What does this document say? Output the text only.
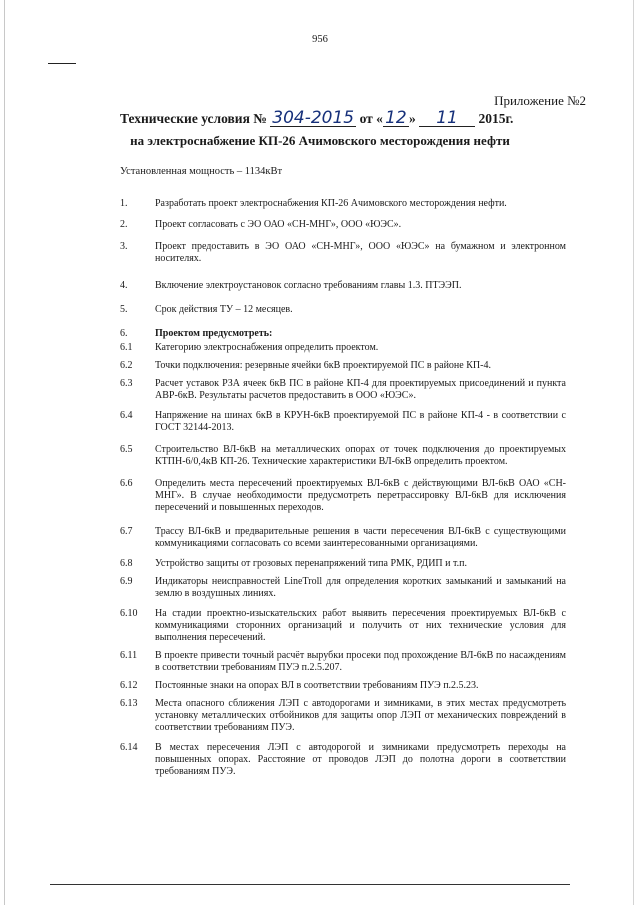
956
Приложение №2
Технические условия № 304-2015 от « 12 » 11 2015г.
на электроснабжение КП-26 Ачимовского месторождения нефти
Установленная мощность – 1134кВт
1.	Разработать проект электроснабжения КП-26 Ачимовского месторождения нефти.
2.	Проект согласовать с ЭО ОАО «СН-МНГ», ООО «ЮЭС».
3.	Проект предоставить в ЭО ОАО «СН-МНГ», ООО «ЮЭС» на бумажном и электронном носителях.
4.	Включение электроустановок согласно требованиям главы 1.3. ПТЭЭП.
5.	Срок действия ТУ – 12 месяцев.
6.	Проектом предусмотреть:
6.1	Категорию электроснабжения определить проектом.
6.2	Точки подключения: резервные ячейки 6кВ проектируемой ПС в районе КП-4.
6.3	Расчет уставок РЗА ячеек 6кВ ПС в районе КП-4 для проектируемых присоединений и пункта АВР-6кВ. Результаты расчетов предоставить в ООО «ЮЭС».
6.4	Напряжение на шинах 6кВ в КРУН-6кВ проектируемой ПС в районе КП-4 - в соответствии с ГОСТ 32144-2013.
6.5	Строительство ВЛ-6кВ на металлических опорах от точек подключения до проектируемых КТПН-6/0,4кВ КП-26. Технические характеристики ВЛ-6кВ определить проектом.
6.6	Определить места пересечений проектируемых ВЛ-6кВ с действующими ВЛ-6кВ ОАО «СН-МНГ». В случае необходимости предусмотреть перетрассировку ВЛ-6кВ для исключения пересечений и повышенных переходов.
6.7	Трассу ВЛ-6кВ и предварительные решения в части пересечения ВЛ-6кВ с существующими коммуникациями согласовать со всеми заинтересованными организациями.
6.8	Устройство защиты от грозовых перенапряжений типа РМК, РДИП и т.п.
6.9	Индикаторы неисправностей LineTroll для определения коротких замыканий и замыканий на землю в воздушных линиях.
6.10	На стадии проектно-изыскательских работ выявить пересечения проектируемых ВЛ-6кВ с коммуникациями сторонних организаций и получить от них технические условия для выполнения пересечений.
6.11	В проекте привести точный расчёт вырубки просеки под прохождение ВЛ-6кВ по насаждениям в соответствии требованиям ПУЭ п.2.5.207.
6.12	Постоянные знаки на опорах ВЛ в соответствии требованиям ПУЭ п.2.5.23.
6.13	Места опасного сближения ЛЭП с автодорогами и зимниками, в этих местах предусмотреть установку металлических отбойников для защиты опор ЛЭП от механических повреждений в соответствии требованиям ПУЭ.
6.14	В местах пересечения ЛЭП с автодорогой и зимниками предусмотреть переходы на повышенных опорах. Расстояние от проводов ЛЭП до полотна дороги в соответствии требованиям ПУЭ.
